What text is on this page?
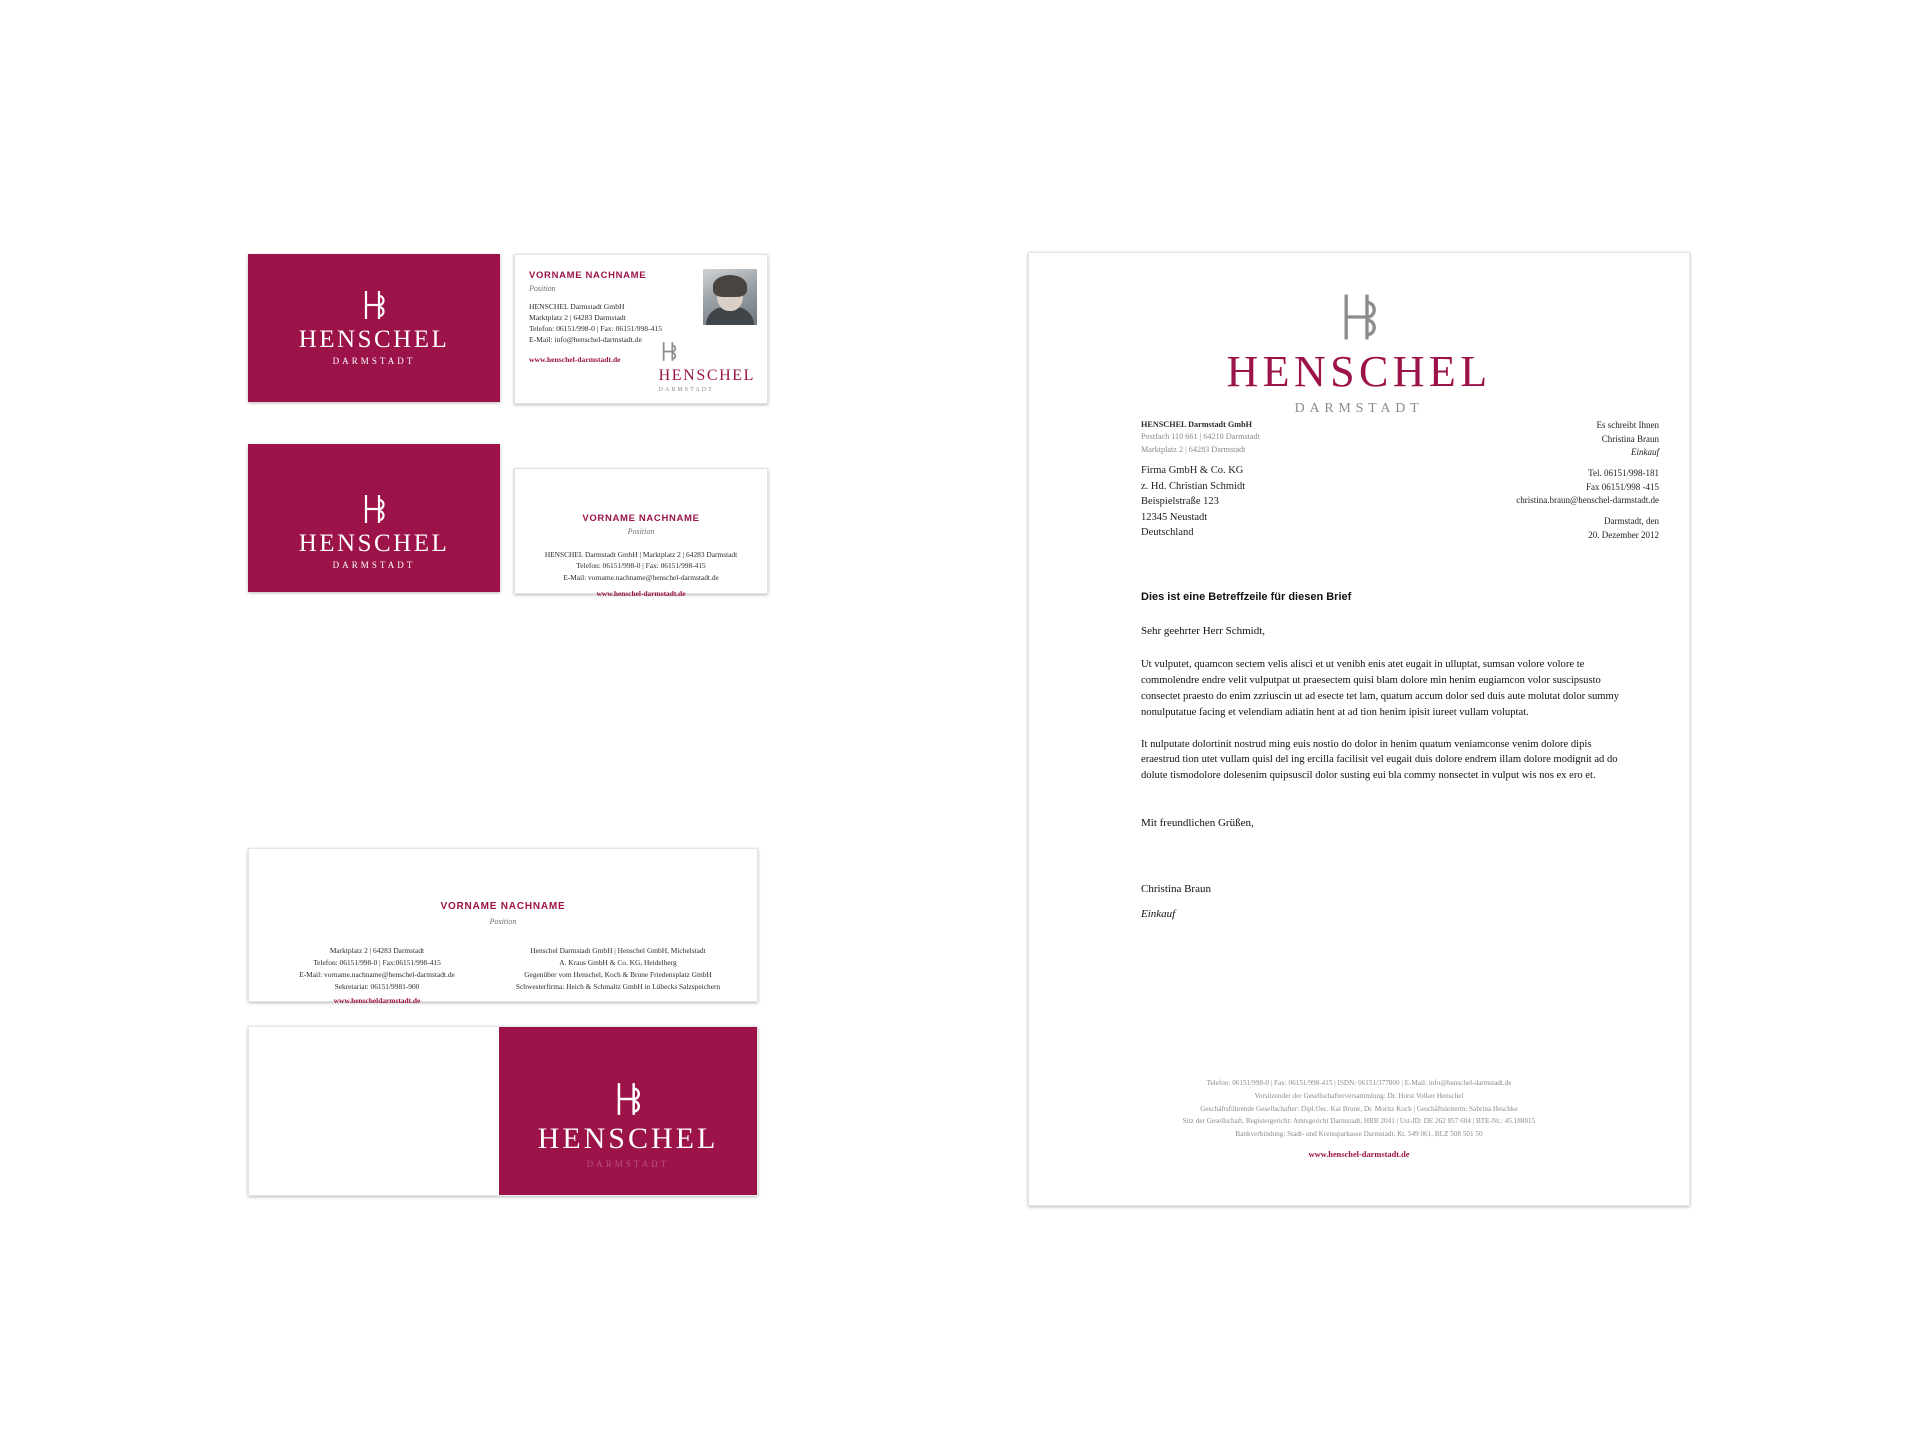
HENSCHEL
DARMSTADT
VORNAME NACHNAME
Position
HENSCHEL Darmstadt GmbH
Marktplatz 2 | 64283 Darmstadt
Telefon: 06151/998-0 | Fax: 06151/998-415
E-Mail: info@henschel-darmstadt.de
www.henschel-darmstadt.de
HENSCHEL
DARMSTADT
HENSCHEL
DARMSTADT
VORNAME NACHNAME
Position
HENSCHEL Darmstadt GmbH | Marktplatz 2 | 64283 Darmstadt
Telefon: 06151/998-0 | Fax: 06151/998-415
E-Mail: vorname.nachname@henschel-darmstadt.de
www.henschel-darmstadt.de
VORNAME NACHNAME
Position
Marktplatz 2 | 64283 Darmstadt
Telefon: 06151/998-0 | Fax:06151/998-415
E-Mail: vorname.nachname@henschel-darmstadt.de
Sekretariat: 06151/9981-900
www.henscheldarmstadt.de
Henschel Darmstadt GmbH | Henschel GmbH, Michelstadt
A. Kraus GmbH & Co. KG, Heidelberg
Gegenüber vom Henschel, Koch & Brune Friedensplatz GmbH
Schwesterfirma: Heich & Schmaltz GmbH in Lübecks Salzspeichern
HENSCHEL
DARMSTADT
HENSCHEL
DARMSTADT
HENSCHEL Darmstadt GmbH
Postfach 110 661 | 64210 Darmstadt
Marktplatz 2 | 64283 Darmstadt
Firma GmbH & Co. KG
z. Hd. Christian Schmidt
Beispielstraße 123
12345 Neustadt
Deutschland
Es schreibt Ihnen
Christina Braun
Einkauf
Tel. 06151/998-181
Fax 06151/998 -415
christina.braun@henschel-darmstadt.de
Darmstadt, den
20. Dezember 2012
Dies ist eine Betreffzeile für diesen Brief
Sehr geehrter Herr Schmidt,

Ut vulputet, quamcon sectem velis alisci et ut venibh enis atet eugait in ulluptat, sumsan volore volore te commolendre endre velit vulputpat ut praesectem quisi blam dolore min henim eugiamcon volor suscipsusto consectet praesto do enim zzriuscin ut ad esecte tet lam, quatum accum dolor sed duis aute molutat dolor summy nonulputatue facing et velendiam adiatin hent at ad tion henim ipisit iureet vullam voluptat.

It nulputate dolortinit nostrud ming euis nostio do dolor in henim quatum veniamconse venim dolore dipis eraestrud tion utet vullam quisl del ing ercilla facilisit vel eugait duis dolore endrem illam dolore modignit ad do dolute tismodolore dolesenim quipsuscil dolor susting eui bla commy nonsectet in vulput wis nos ex ero et.

Mit freundlichen Grüßen,
Christina Braun
Einkauf
Telefon: 06151/998-0 | Fax: 06151/998-415 | ISDN: 06151/377800 | E-Mail: info@henschel-darmstadt.de
Vorsitzender der Gesellschafterversammlung: Dr. Horst Volker Henschel
Geschäftsführende Gesellschafter: Dipl.Oec. Kai Brune, Dr. Moritz Koch | Geschäftsleiterin: Sabrina Heschke
Sitz der Gesellschaft, Registergericht: Amtsgericht Darmstadt, HRB 2041 | Ust-ID: DE 262 857 604 | BTE-Nr.: 45.188015
Bankverbindung: Stadt- und Kreissparkasse Darmstadt, Kt. 549 061, BLZ 508 501 50
www.henschel-darmstadt.de
